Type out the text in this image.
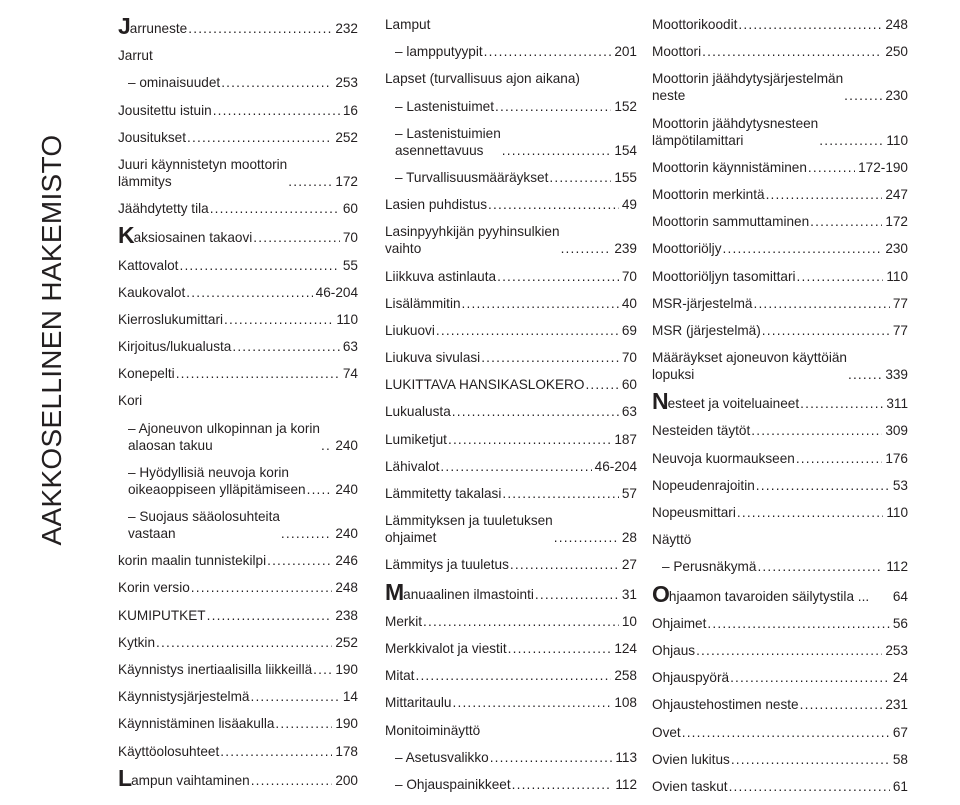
AAKKOSELLINEN HAKEMISTO
Jarruneste .....	232
Jarrut
– ominaisuudet .....	253
Jousitettu istuin .....	16
Jousitukset .....	252
Juuri käynnistetyn moottorin
lämmitys .....	172
Jäähdytetty tila .....	60
Kaksiosainen takaovi .....	70
Kattovalot .....	55
Kaukovalot .....	46-204
Kierroslukumittari .....	110
Kirjoitus/lukualusta .....	63
Konepelti .....	74
Kori
– Ajoneuvon ulkopinnan ja korin
alaosan takuu .....	240
– Hyödyllisiä neuvoja korin
oikeaoppiseen ylläpitämiseen ..... 240
– Suojaus sääolosuhteita
vastaan .....	240
korin maalin tunnistekilpi .....	246
Korin versio .....	248
KUMIPUTKET .....	238
Kytkin .....	252
Käynnistys inertiaalisilla liikkeillä ..... 190
Käynnistysjärjestelmä .....	14
Käynnistäminen lisäakulla .....	190
Käyttöolosuhteet .....	178
Lampun vaihtaminen .....	200
Lamput
– lampputyypit .....	201
Lapset (turvallisuus ajon aikana)
– Lastenistuimet .....	152
– Lastenistuimien
asennettavuus .....	154
– Turvallisuusmääräykset .....	155
Lasien puhdistus .....	49
Lasinpyyhkijän pyyhinsulkien
vaihto .....	239
Liikkuva astinlauta .....	70
Lisälämmitin .....	40
Liukuovi .....	69
Liukuva sivulasi .....	70
LUKITTAVA HANSIKASLOKERO .....	60
Lukualusta .....	63
Lumiketjut .....	187
Lähivalot .....	46-204
Lämmitetty takalasi .....	57
Lämmityksen ja tuuletuksen
ohjaimet .....	28
Lämmitys ja tuuletus .....	27
Manuaalinen ilmastointi .....	31
Merkit .....	10
Merkkivalot ja viestit .....	124
Mitat .....	258
Mittaritaulu .....	108
Monitoiminäyttö
– Asetusvalikko .....	113
– Ohjauspainikkeet .....	112
Moottorikoodit .....	248
Moottori .....	250
Moottorin jäähdytysjärjestelmän
neste .....	230
Moottorin jäähdytysnesteen
lämpötilamittari .....	110
Moottorin käynnistäminen .....	172-190
Moottorin merkintä .....	247
Moottorin sammuttaminen .....	172
Moottoriöljy .....	230
Moottoriöljyn tasomittari .....	110
MSR-järjestelmä .....	77
MSR (järjestelmä) .....	77
Määräykset ajoneuvon käyttöiän
lopuksi .....	339
Nesteet ja voiteluaineet .....	311
Nesteiden täytöt .....	309
Neuvoja kuormaukseen .....	176
Nopeudenrajoitin .....	53
Nopeusmittari .....	110
Näyttö
– Perusnäkymä .....	112
Ohjaamon tavaroiden säilytystila ... 64
Ohjaimet .....	56
Ohjaus .....	253
Ohjauspyörä .....	24
Ohjaustehostimen neste .....	231
Ovet .....	67
Ovien lukitus .....	58
Ovien taskut .....	61
